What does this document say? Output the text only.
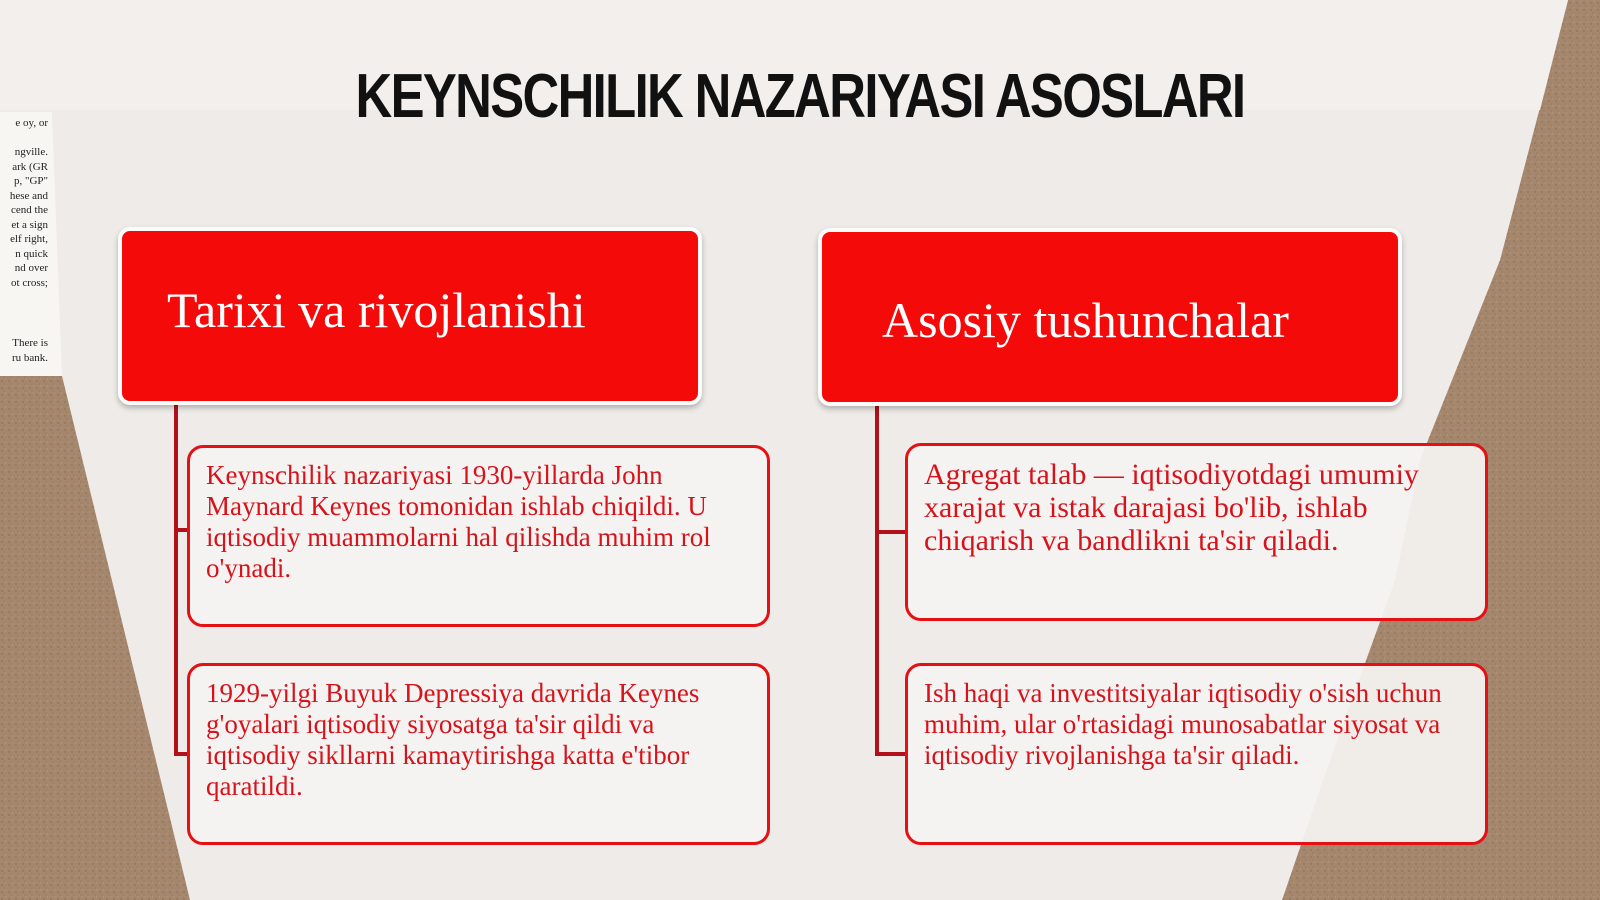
e oy, or

ngville.
ark (GR
p, "GP"
hese and
cend the
et a sign
elf right,
n quick
nd over
ot cross;
There is
ru bank.
KEYNSCHILIK NAZARIYASI ASOSLARI
Tarixi va rivojlanishi	Asosiy tushunchalar
Keynschilik nazariyasi 1930-yillarda John Maynard Keynes tomonidan ishlab chiqildi. U iqtisodiy muammolarni hal qilishda muhim rol o'ynadi.
1929-yilgi Buyuk Depressiya davrida Keynes g'oyalari iqtisodiy siyosatga ta'sir qildi va iqtisodiy sikllarni kamaytirishga katta e'tibor qaratildi.
Agregat talab — iqtisodiyotdagi umumiy xarajat va istak darajasi bo'lib, ishlab chiqarish va bandlikni ta'sir qiladi.
Ish haqi va investitsiyalar iqtisodiy o'sish uchun muhim, ular o'rtasidagi munosabatlar siyosat va iqtisodiy rivojlanishga ta'sir qiladi.
